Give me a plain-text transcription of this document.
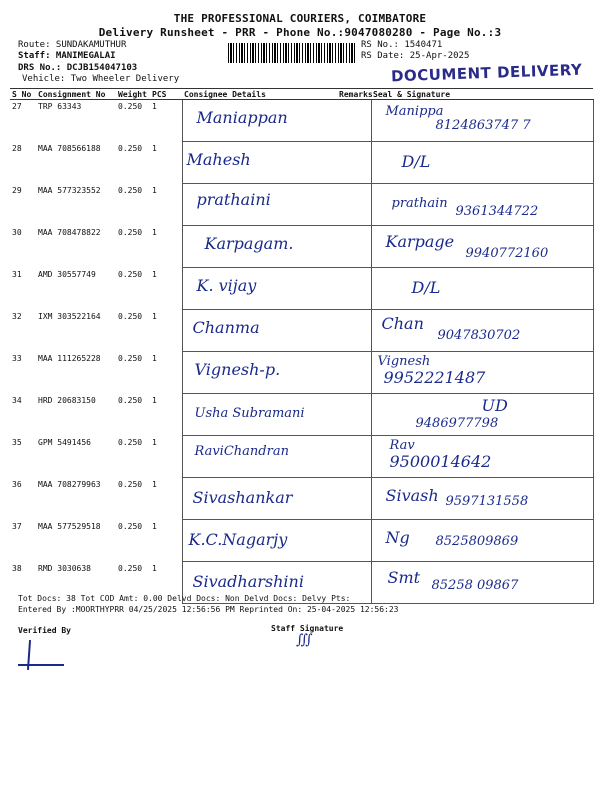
THE PROFESSIONAL COURIERS, COIMBATORE
Delivery Runsheet - PRR - Phone No.:9047080280 - Page No.:3
Route: SUNDAKAMUTHUR
Staff: MANIMEGALAI
DRS No.: DCJB154047103
Vehicle: Two Wheeler Delivery
RS No.: 1540471
RS Date: 25-Apr-2025
DOCUMENT DELIVERY
S No	Consignment No	Weight	PCS	Consignee Details	Remarks	Seal & Signature
27	TRP 63343	0.250	1	Maniappan		Manippa
8124863747 7

28	MAA 708566188	0.250	1	Mahesh		D/L

29	MAA 577323552	0.250	1	prathaini		prathain
9361344722

30	MAA 708478822	0.250	1	Karpagam.		Karpage
9940772160

31	AMD 30557749	0.250	1	K. vijay		D/L

32	IXM 303522164	0.250	1	Chanma		Chan
9047830702

33	MAA 111265228	0.250	1	Vignesh-p.		Vignesh
9952221487

34	HRD 20683150	0.250	1	Usha Subramani		UD
9486977798

35	GPM 5491456	0.250	1	RaviChandran		Rav
9500014642

36	MAA 708279963	0.250	1	Sivashankar		Sivash 9597131558

37	MAA 577529518	0.250	1	K.C.Nagarjy		Ng 8525809869

38	RMD 3030638	0.250	1	Sivadharshini		Smt 85258 09867
Tot Docs: 38 Tot COD Amt: 0.00 Delvd Docs: Non Delvd Docs: Delvy Pts:
Entered By :MOORTHYPRR 04/25/2025 12:56:56 PM Reprinted On: 25-04-2025 12:56:23
Verified By	Staff Signature
∭
